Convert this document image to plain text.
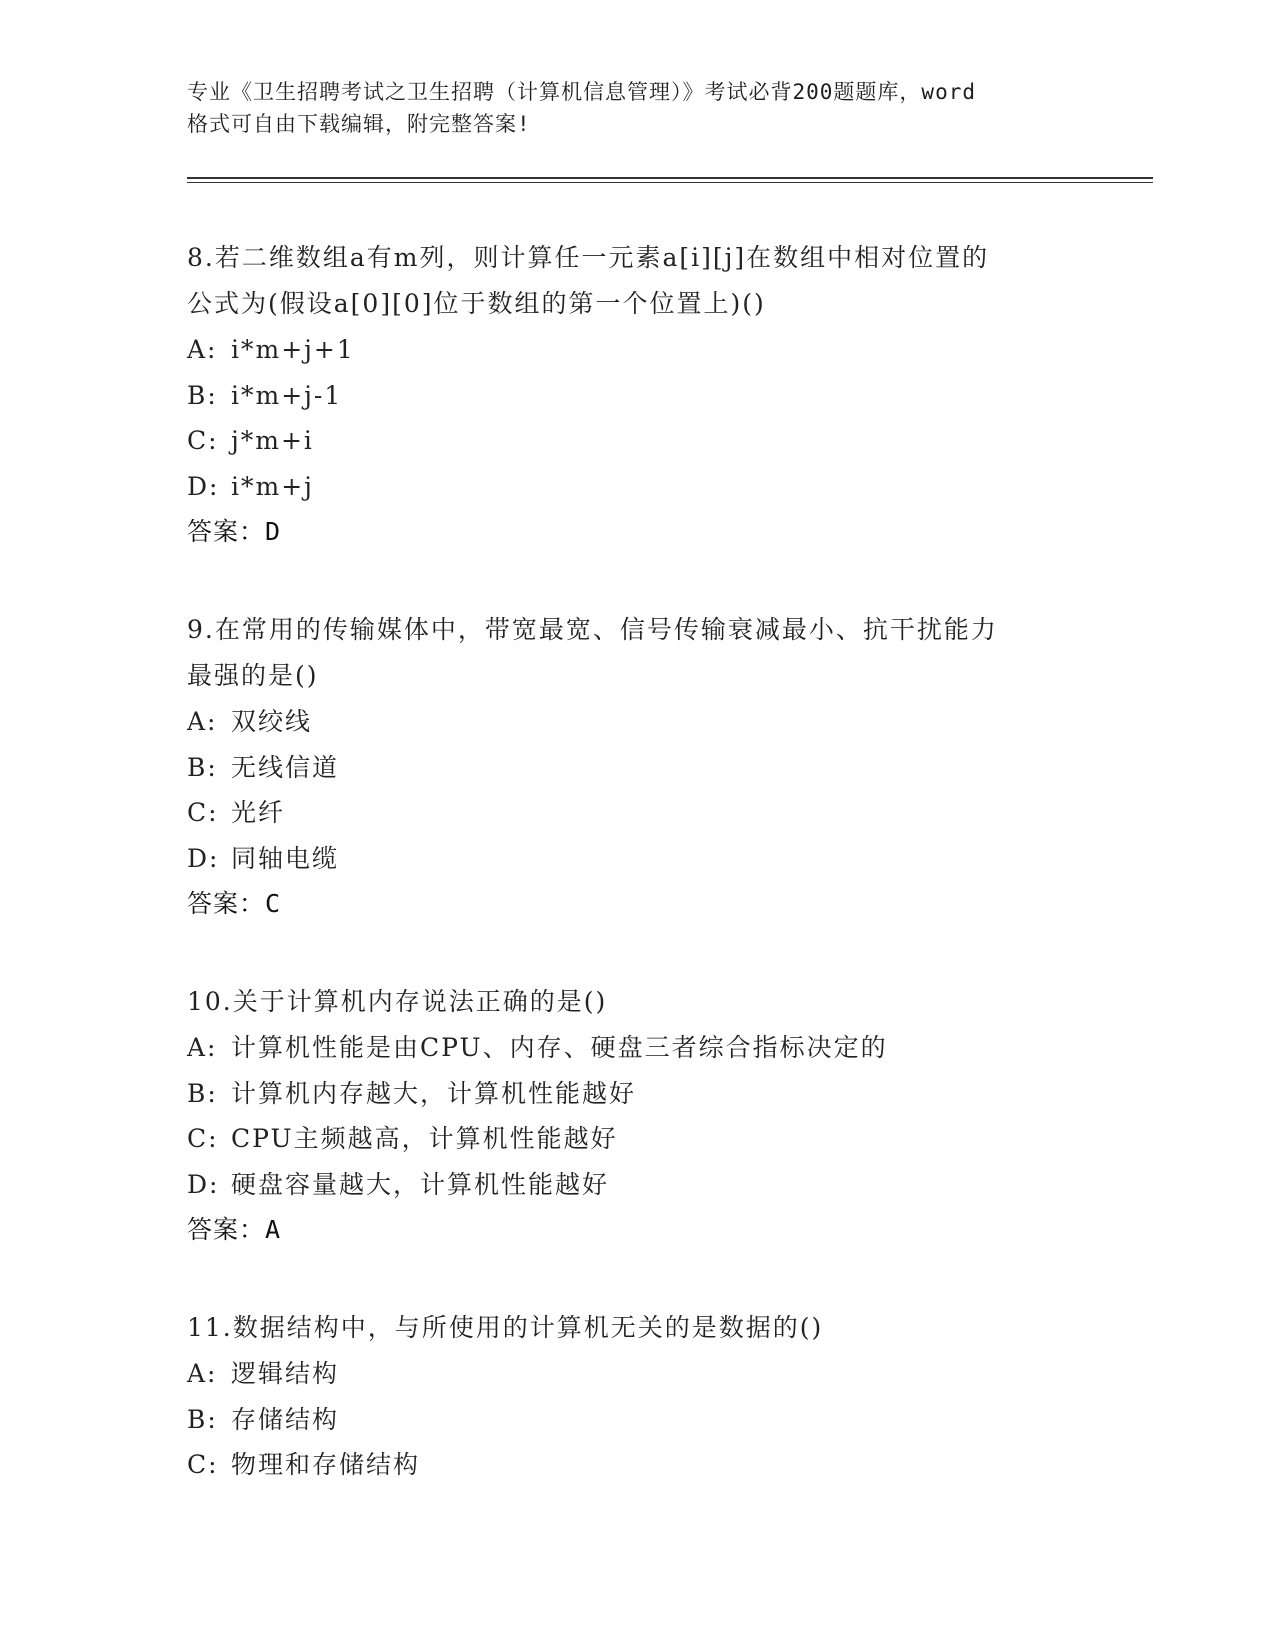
专业《卫生招聘考试之卫生招聘（计算机信息管理）》考试必背200题题库，word
格式可自由下载编辑，附完整答案!

8.若二维数组a有m列，则计算任一元素a[i][j]在数组中相对位置的
公式为(假设a[0][0]位于数组的第一个位置上)()

A: i*m+j+1
B: i*m+j-1
C: j*m+i
D: i*m+j

答案：D

9.在常用的传输媒体中，带宽最宽、信号传输衰减最小、抗干扰能力
最强的是()

A: 双绞线
B: 无线信道
C: 光纤
D: 同轴电缆

答案：C

10.关于计算机内存说法正确的是()

A: 计算机性能是由CPU、内存、硬盘三者综合指标决定的
B: 计算机内存越大，计算机性能越好
C: CPU主频越高，计算机性能越好
D: 硬盘容量越大，计算机性能越好

答案：A

11.数据结构中，与所使用的计算机无关的是数据的()

A: 逻辑结构
B: 存储结构
C: 物理和存储结构
